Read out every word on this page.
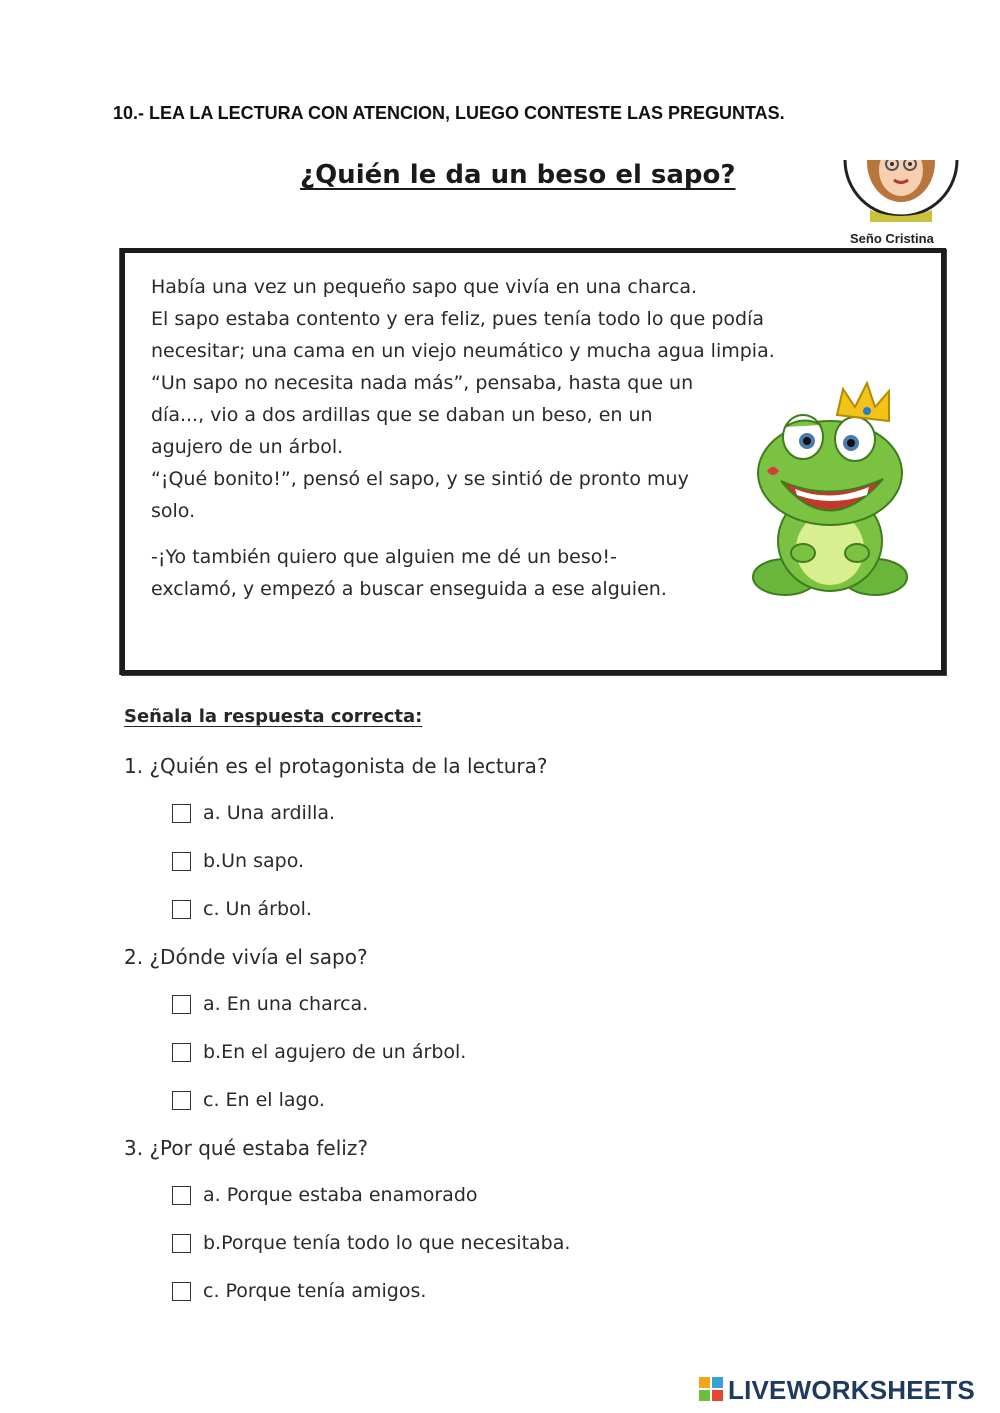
10.- LEA LA LECTURA CON ATENCION, LUEGO CONTESTE LAS PREGUNTAS.
¿Quién le da un beso el sapo?
Seño Cristina
Había una vez un pequeño sapo que vivía en una charca.
El sapo estaba contento y era feliz, pues tenía todo lo que podía
necesitar; una cama en un viejo neumático y mucha agua limpia.
“Un sapo no necesita nada más”, pensaba, hasta que un
día..., vio a dos ardillas que se daban un beso, en un
agujero de un árbol.
“¡Qué bonito!”, pensó el sapo, y se sintió de pronto muy
solo.
-¡Yo también quiero que alguien me dé un beso!-
exclamó, y empezó a buscar enseguida a ese alguien.
Señala la respuesta correcta:
1. ¿Quién es el protagonista de la lectura?
a. Una ardilla.
b.Un sapo.
c. Un árbol.
2. ¿Dónde vivía el sapo?
a. En una charca.
b.En el agujero de un árbol.
c. En el lago.
3. ¿Por qué estaba feliz?
a. Porque estaba enamorado
b.Porque tenía todo lo que necesitaba.
c. Porque tenía amigos.
LIVEWORKSHEETS
